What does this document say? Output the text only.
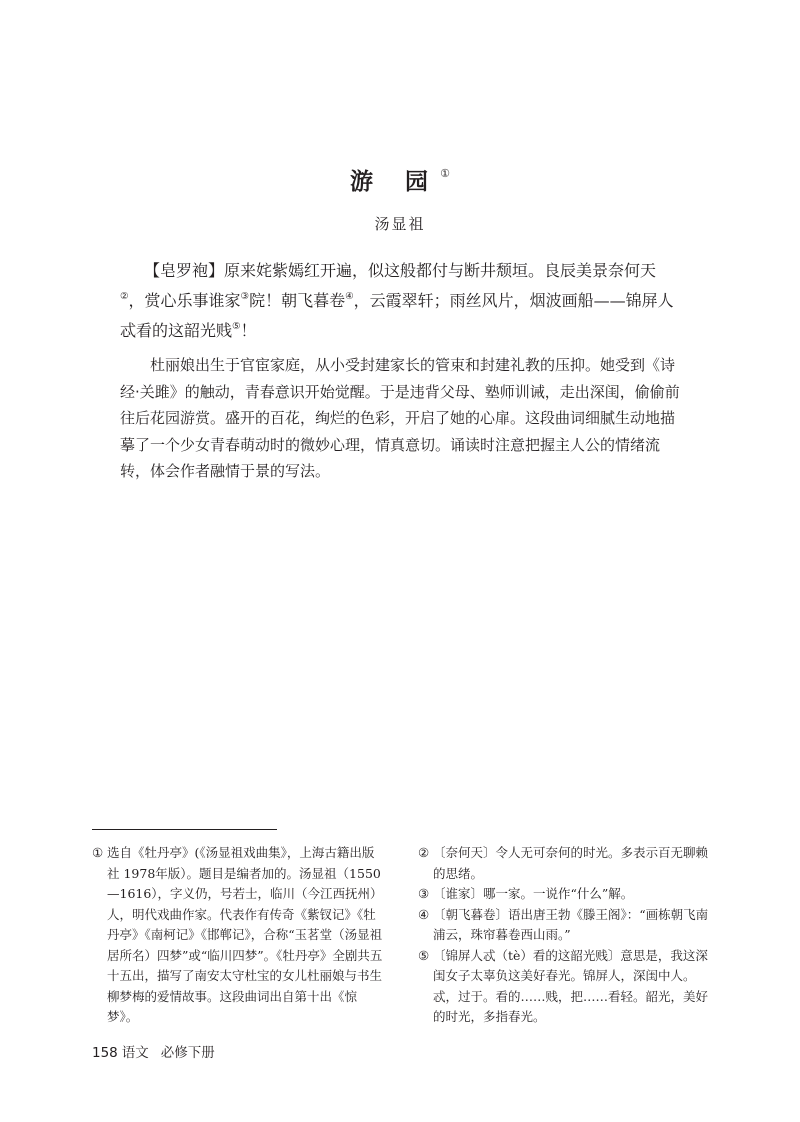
游 园①
汤显祖
【皂罗袍】原来姹紫嫣红开遍，似这般都付与断井颓垣。良辰美景奈何天②，赏心乐事谁家③院！朝飞暮卷④，云霞翠轩；雨丝风片，烟波画船——锦屏人忒看的这韶光贱⑤！
杜丽娘出生于官宦家庭，从小受封建家长的管束和封建礼教的压抑。她受到《诗经·关雎》的触动，青春意识开始觉醒。于是违背父母、塾师训诫，走出深闺，偷偷前往后花园游赏。盛开的百花，绚烂的色彩，开启了她的心扉。这段曲词细腻生动地描摹了一个少女青春萌动时的微妙心理，情真意切。诵读时注意把握主人公的情绪流转，体会作者融情于景的写法。

① 选自《牡丹亭》(《汤显祖戏曲集》，上海古籍出版社 1978年版）。题目是编者加的。汤显祖（1550—1616），字义仍，号若士，临川（今江西抚州）人，明代戏曲作家。代表作有传奇《紫钗记》《牡丹亭》《南柯记》《邯郸记》，合称“玉茗堂（汤显祖居所名）四梦”或“临川四梦”。《牡丹亭》全剧共五十五出，描写了南安太守杜宝的女儿杜丽娘与书生柳梦梅的爱情故事。这段曲词出自第十出《惊梦》。

② 〔奈何天〕令人无可奈何的时光。多表示百无聊赖的思绪。

③ 〔谁家〕哪一家。一说作“什么”解。

④ 〔朝飞暮卷〕语出唐王勃《滕王阁》：“画栋朝飞南浦云，珠帘暮卷西山雨。”

⑤ 〔锦屏人忒（tè）看的这韶光贱〕意思是，我这深闺女子太辜负这美好春光。锦屏人，深闺中人。忒，过于。看的……贱，把……看轻。韶光，美好的时光，多指春光。

158 语文 必修下册
